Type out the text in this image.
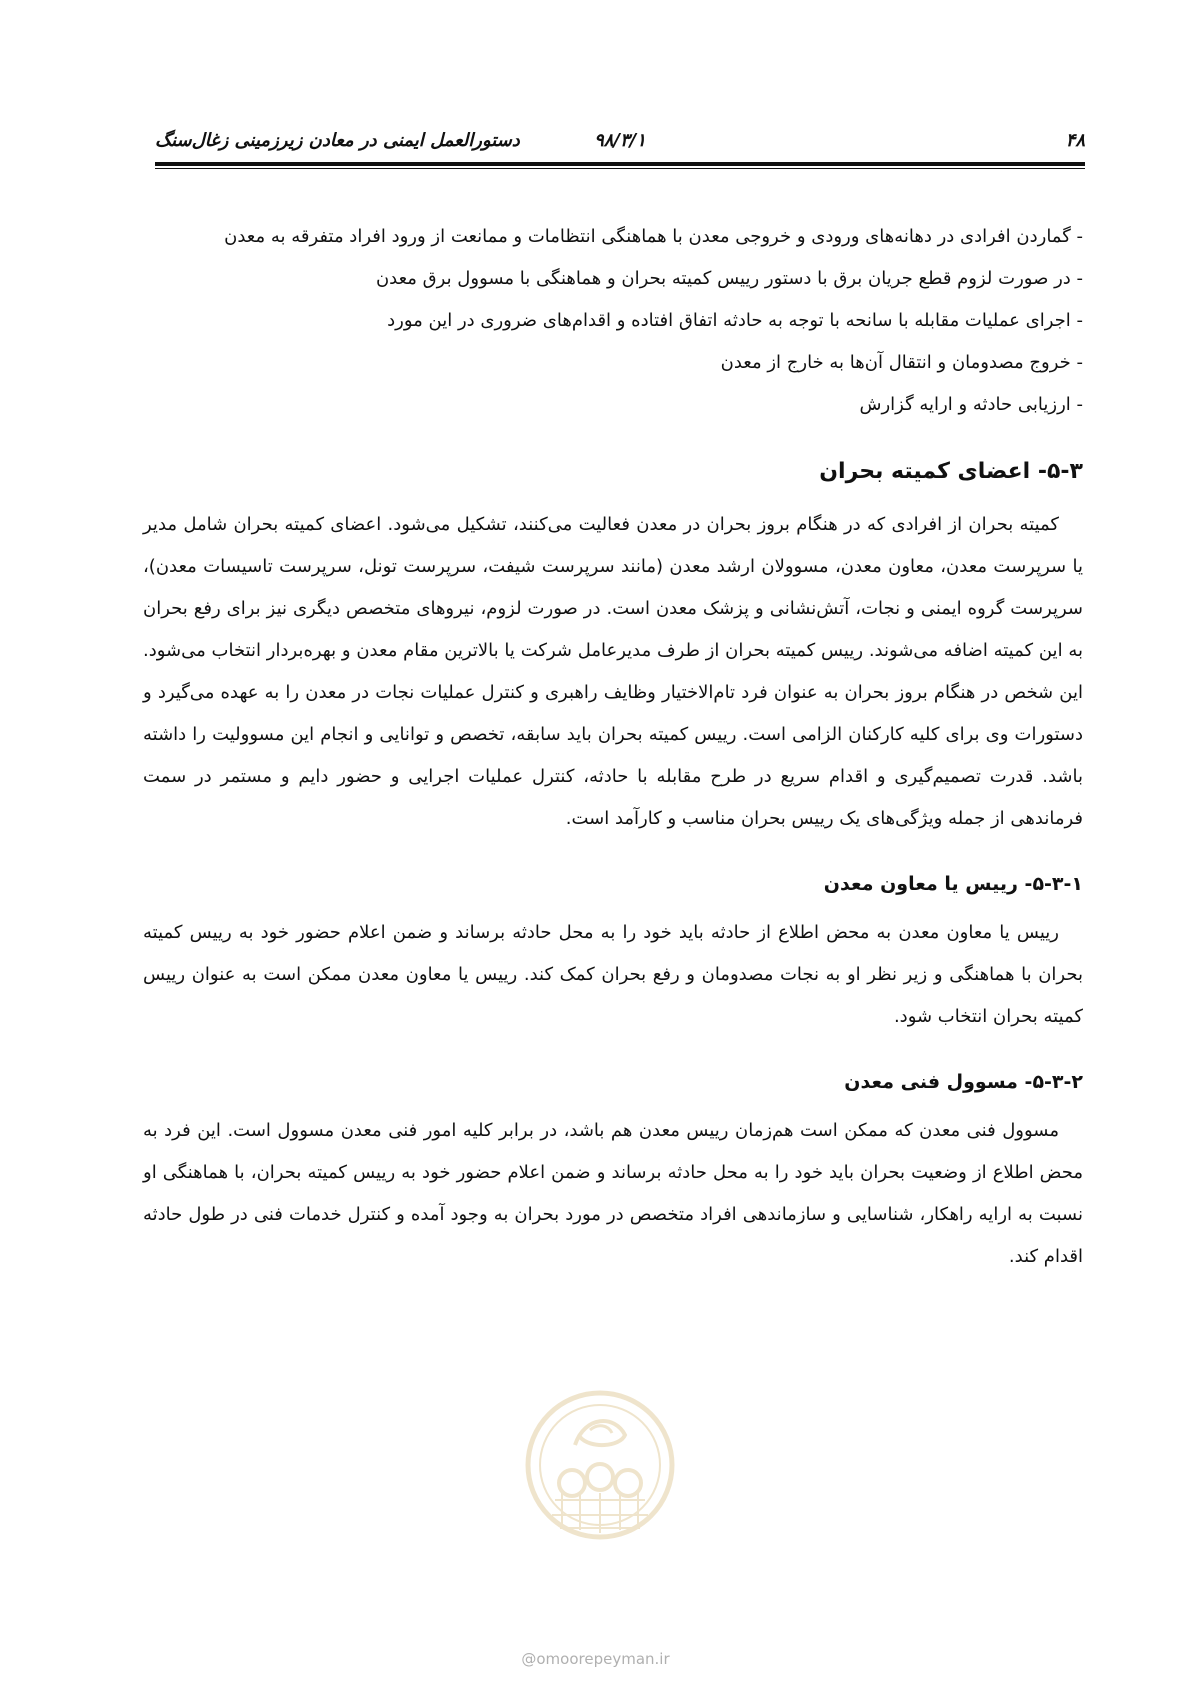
۴۸
۹۸/۳/۱
دستورالعمل ایمنی در معادن زیرزمینی زغال‌سنگ

- گماردن افرادی در دهانه‌های ورودی و خروجی معدن با هماهنگی انتظامات و ممانعت از ورود افراد متفرقه به معدن

- در صورت لزوم قطع جریان برق با دستور رییس کمیته بحران و هماهنگی با مسوول برق معدن

- اجرای عملیات مقابله با سانحه با توجه به حادثه اتفاق افتاده و اقدام‌های ضروری در این مورد

- خروج مصدومان و انتقال آن‌ها به خارج از معدن

- ارزیابی حادثه و ارایه گزارش

۵-۳- اعضای کمیته بحران

کمیته بحران از افرادی که در هنگام بروز بحران در معدن فعالیت می‌کنند، تشکیل می‌شود. اعضای کمیته بحران شامل مدیر یا سرپرست معدن، معاون معدن، مسوولان ارشد معدن (مانند سرپرست شیفت، سرپرست تونل، سرپرست تاسیسات معدن)، سرپرست گروه ایمنی و نجات، آتش‌نشانی و پزشک معدن است. در صورت لزوم، نیروهای متخصص دیگری نیز برای رفع بحران به این کمیته اضافه می‌شوند. رییس کمیته بحران از طرف مدیرعامل شرکت یا بالاترین مقام معدن و بهره‌بردار انتخاب می‌شود. این شخص در هنگام بروز بحران به عنوان فرد تام‌الاختیار وظایف راهبری و کنترل عملیات نجات در معدن را به عهده می‌گیرد و دستورات وی برای کلیه کارکنان الزامی است. رییس کمیته بحران باید سابقه، تخصص و توانایی و انجام این مسوولیت را داشته باشد. قدرت تصمیم‌گیری و اقدام سریع در طرح مقابله با حادثه، کنترل عملیات اجرایی و حضور دایم و مستمر در سمت فرماندهی از جمله ویژگی‌های یک رییس بحران مناسب و کارآمد است.

۵-۳-۱- رییس یا معاون معدن

رییس یا معاون معدن به محض اطلاع از حادثه باید خود را به محل حادثه برساند و ضمن اعلام حضور خود به رییس کمیته بحران با هماهنگی و زیر نظر او به نجات مصدومان و رفع بحران کمک کند. رییس یا معاون معدن ممکن است به عنوان رییس کمیته بحران انتخاب شود.

۵-۳-۲- مسوول فنی معدن

مسوول فنی معدن که ممکن است هم‌زمان رییس معدن هم باشد، در برابر کلیه امور فنی معدن مسوول است. این فرد به محض اطلاع از وضعیت بحران باید خود را به محل حادثه برساند و ضمن اعلام حضور خود به رییس کمیته بحران، با هماهنگی او نسبت به ارایه راهکار، شناسایی و سازماندهی افراد متخصص در مورد بحران به وجود آمده و کنترل خدمات فنی در طول حادثه اقدام کند.

@omoorepeyman.ir
